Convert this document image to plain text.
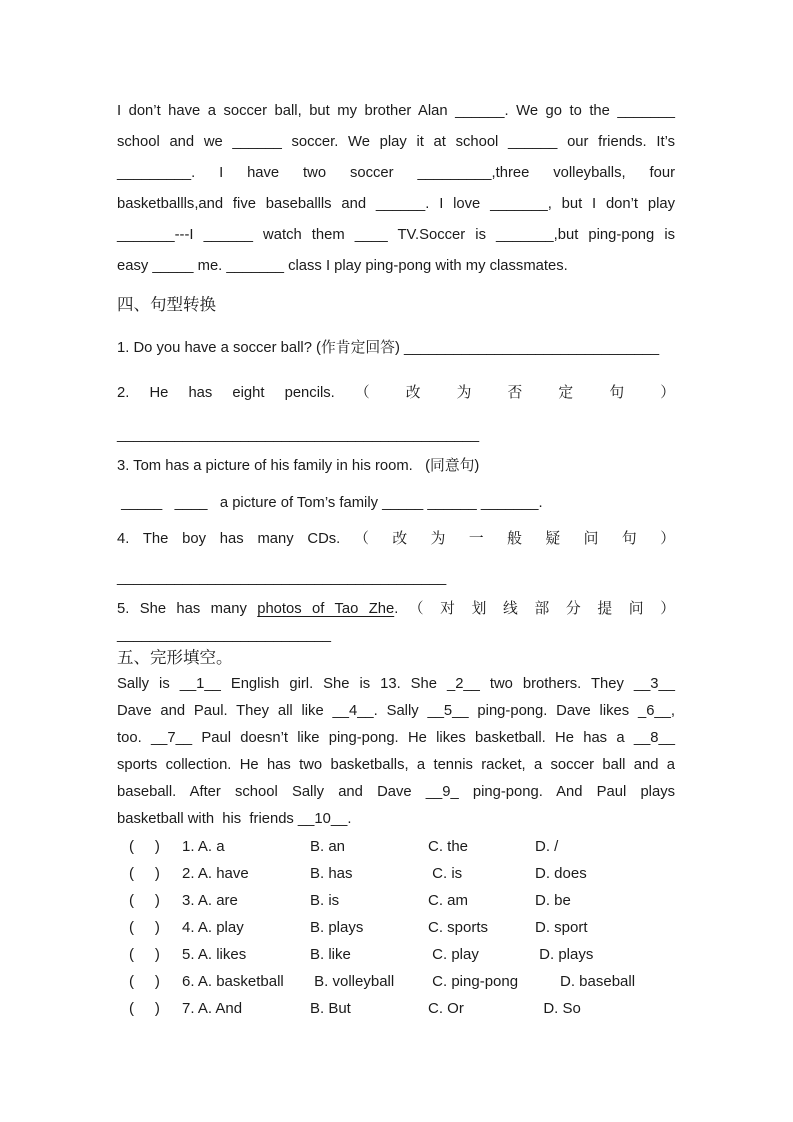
I don’t have a soccer ball, but my brother Alan ______. We go to the _______
school and we ______ soccer. We play it at school ______ our friends. It’s
_________. I have two soccer _________,three volleyballs, four
basketballls,and five baseballls and ______. I love _______, but I don’t play
_______---I ______ watch them ____ TV.Soccer is _______,but ping-pong is
easy _____ me. _______ class I play ping-pong with my classmates.
四、句型转换
1. Do you have a soccer ball? (作肯定回答) _______________________________
2. He has eight pencils. （ 改 为 否 定 句 ）
____________________________________________
3. Tom has a picture of his family in his room.   (同意句)
_____   ____   a picture of Tom’s family _____ ______ _______.
4. The boy has many CDs. （ 改 为 一 般 疑 问 句 ）
________________________________________
5. She has many photos of Tao Zhe. （ 对 划 线 部 分 提 问 ）
__________________________
五、完形填空。
Sally is __1__ English girl. She is 13. She _2__ two brothers. They __3__
Dave and Paul. They all like __4__. Sally __5__ ping-pong. Dave likes _6__,
too. __7__ Paul doesn’t like ping-pong. He likes basketball. He has a __8__
sports collection. He has two basketballs, a tennis racket, a soccer ball and a
baseball. After school Sally and Dave __9_ ping-pong. And Paul plays
basketball with  his  friends __10__.
(     )	1. A. a	B. an	C. the	D. /
(     )	2. A. have	B. has	C. is	D. does
(     )	3. A. are	B. is	C. am	D. be
(     )	4. A. play	B. plays	C. sports	D. sport
(     )	5. A. likes	B. like	C. play	D. plays
(     )	6. A. basketball	B. volleyball	C. ping-pong	D. baseball
(     )	7. A. And	B. But	C. Or	D. So
